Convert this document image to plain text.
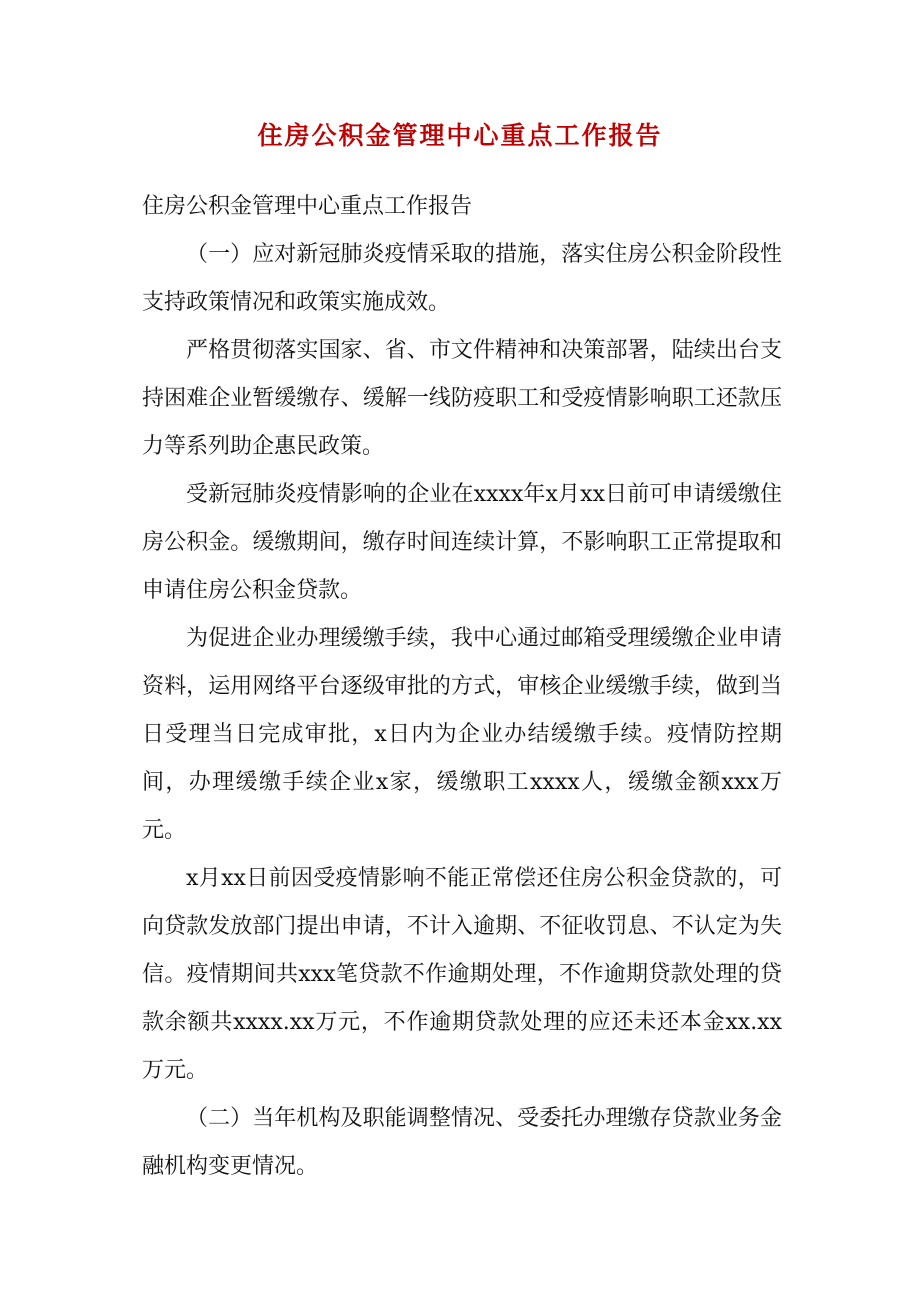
住房公积金管理中心重点工作报告

住房公积金管理中心重点工作报告

（一）应对新冠肺炎疫情采取的措施，落实住房公积金阶段性支持政策情况和政策实施成效。

严格贯彻落实国家、省、市文件精神和决策部署，陆续出台支持困难企业暂缓缴存、缓解一线防疫职工和受疫情影响职工还款压力等系列助企惠民政策。

受新冠肺炎疫情影响的企业在xxxx年x月xx日前可申请缓缴住房公积金。缓缴期间，缴存时间连续计算，不影响职工正常提取和申请住房公积金贷款。

为促进企业办理缓缴手续，我中心通过邮箱受理缓缴企业申请资料，运用网络平台逐级审批的方式，审核企业缓缴手续，做到当日受理当日完成审批，x日内为企业办结缓缴手续。疫情防控期间，办理缓缴手续企业x家，缓缴职工xxxx人，缓缴金额xxx万元。

x月xx日前因受疫情影响不能正常偿还住房公积金贷款的，可向贷款发放部门提出申请，不计入逾期、不征收罚息、不认定为失信。疫情期间共xxx笔贷款不作逾期处理，不作逾期贷款处理的贷款余额共xxxx.xx万元，不作逾期贷款处理的应还未还本金xx.xx万元。

（二）当年机构及职能调整情况、受委托办理缴存贷款业务金融机构变更情况。
